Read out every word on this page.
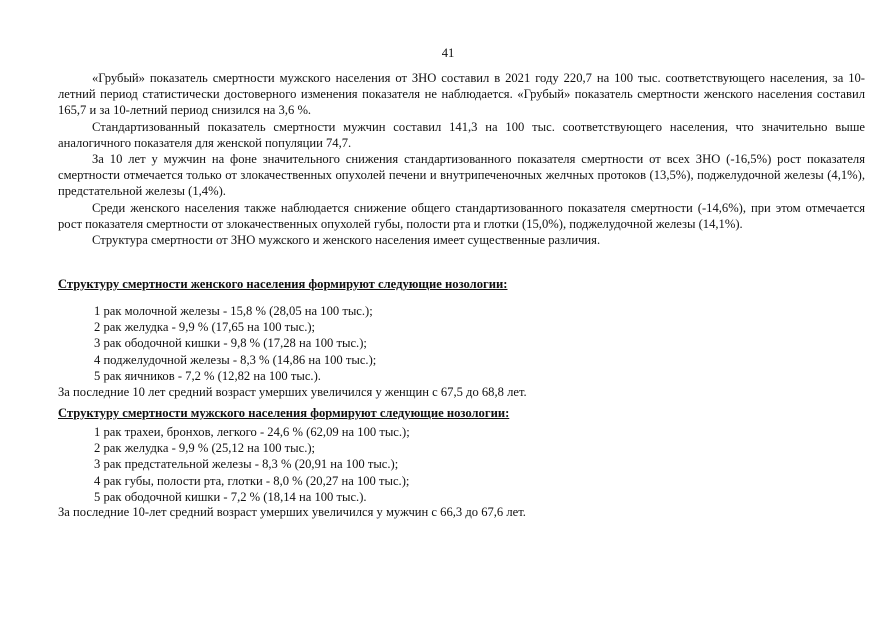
41

«Грубый» показатель смертности мужского населения от ЗНО составил в 2021 году 220,7 на 100 тыс. соответствующего населения, за 10-летний период статистически достоверного изменения показателя не наблюдается. «Грубый» показатель смертности женского населения составил 165,7 и за 10-летний период снизился на 3,6 %.

Стандартизованный показатель смертности мужчин составил 141,3 на 100 тыс. соответствующего населения, что значительно выше аналогичного показателя для женской популяции 74,7.

За 10 лет у мужчин на фоне значительного снижения стандартизованного показателя смертности от всех ЗНО (-16,5%) рост показателя смертности отмечается только от злокачественных опухолей печени и внутрипеченочных желчных протоков (13,5%), поджелудочной железы (4,1%), предстательной железы (1,4%).

Среди женского населения также наблюдается снижение общего стандартизованного показателя смертности (-14,6%), при этом отмечается рост показателя смертности от злокачественных опухолей губы, полости рта и глотки (15,0%), поджелудочной железы (14,1%).

Структура смертности от ЗНО мужского и женского населения имеет существенные различия.

Структуру смертности женского населения формируют следующие нозологии:
1 рак молочной железы - 15,8 % (28,05 на 100 тыс.);
2 рак желудка - 9,9 % (17,65 на 100 тыс.);
3 рак ободочной кишки - 9,8 % (17,28 на 100 тыс.);
4 поджелудочной железы - 8,3 % (14,86 на 100 тыс.);
5 рак яичников - 7,2 % (12,82 на 100 тыс.).
За последние 10 лет средний возраст умерших увеличился у женщин с 67,5 до 68,8 лет.
Структуру смертности мужского населения формируют следующие нозологии:
1 рак трахеи, бронхов, легкого - 24,6 % (62,09 на 100 тыс.);
2 рак желудка - 9,9 % (25,12 на 100 тыс.);
3 рак предстательной железы - 8,3 % (20,91 на 100 тыс.);
4 рак губы, полости рта, глотки - 8,0 % (20,27 на 100 тыс.);
5 рак ободочной кишки - 7,2 % (18,14 на 100 тыс.).
За последние 10-лет средний возраст умерших увеличился у мужчин с 66,3 до 67,6 лет.
